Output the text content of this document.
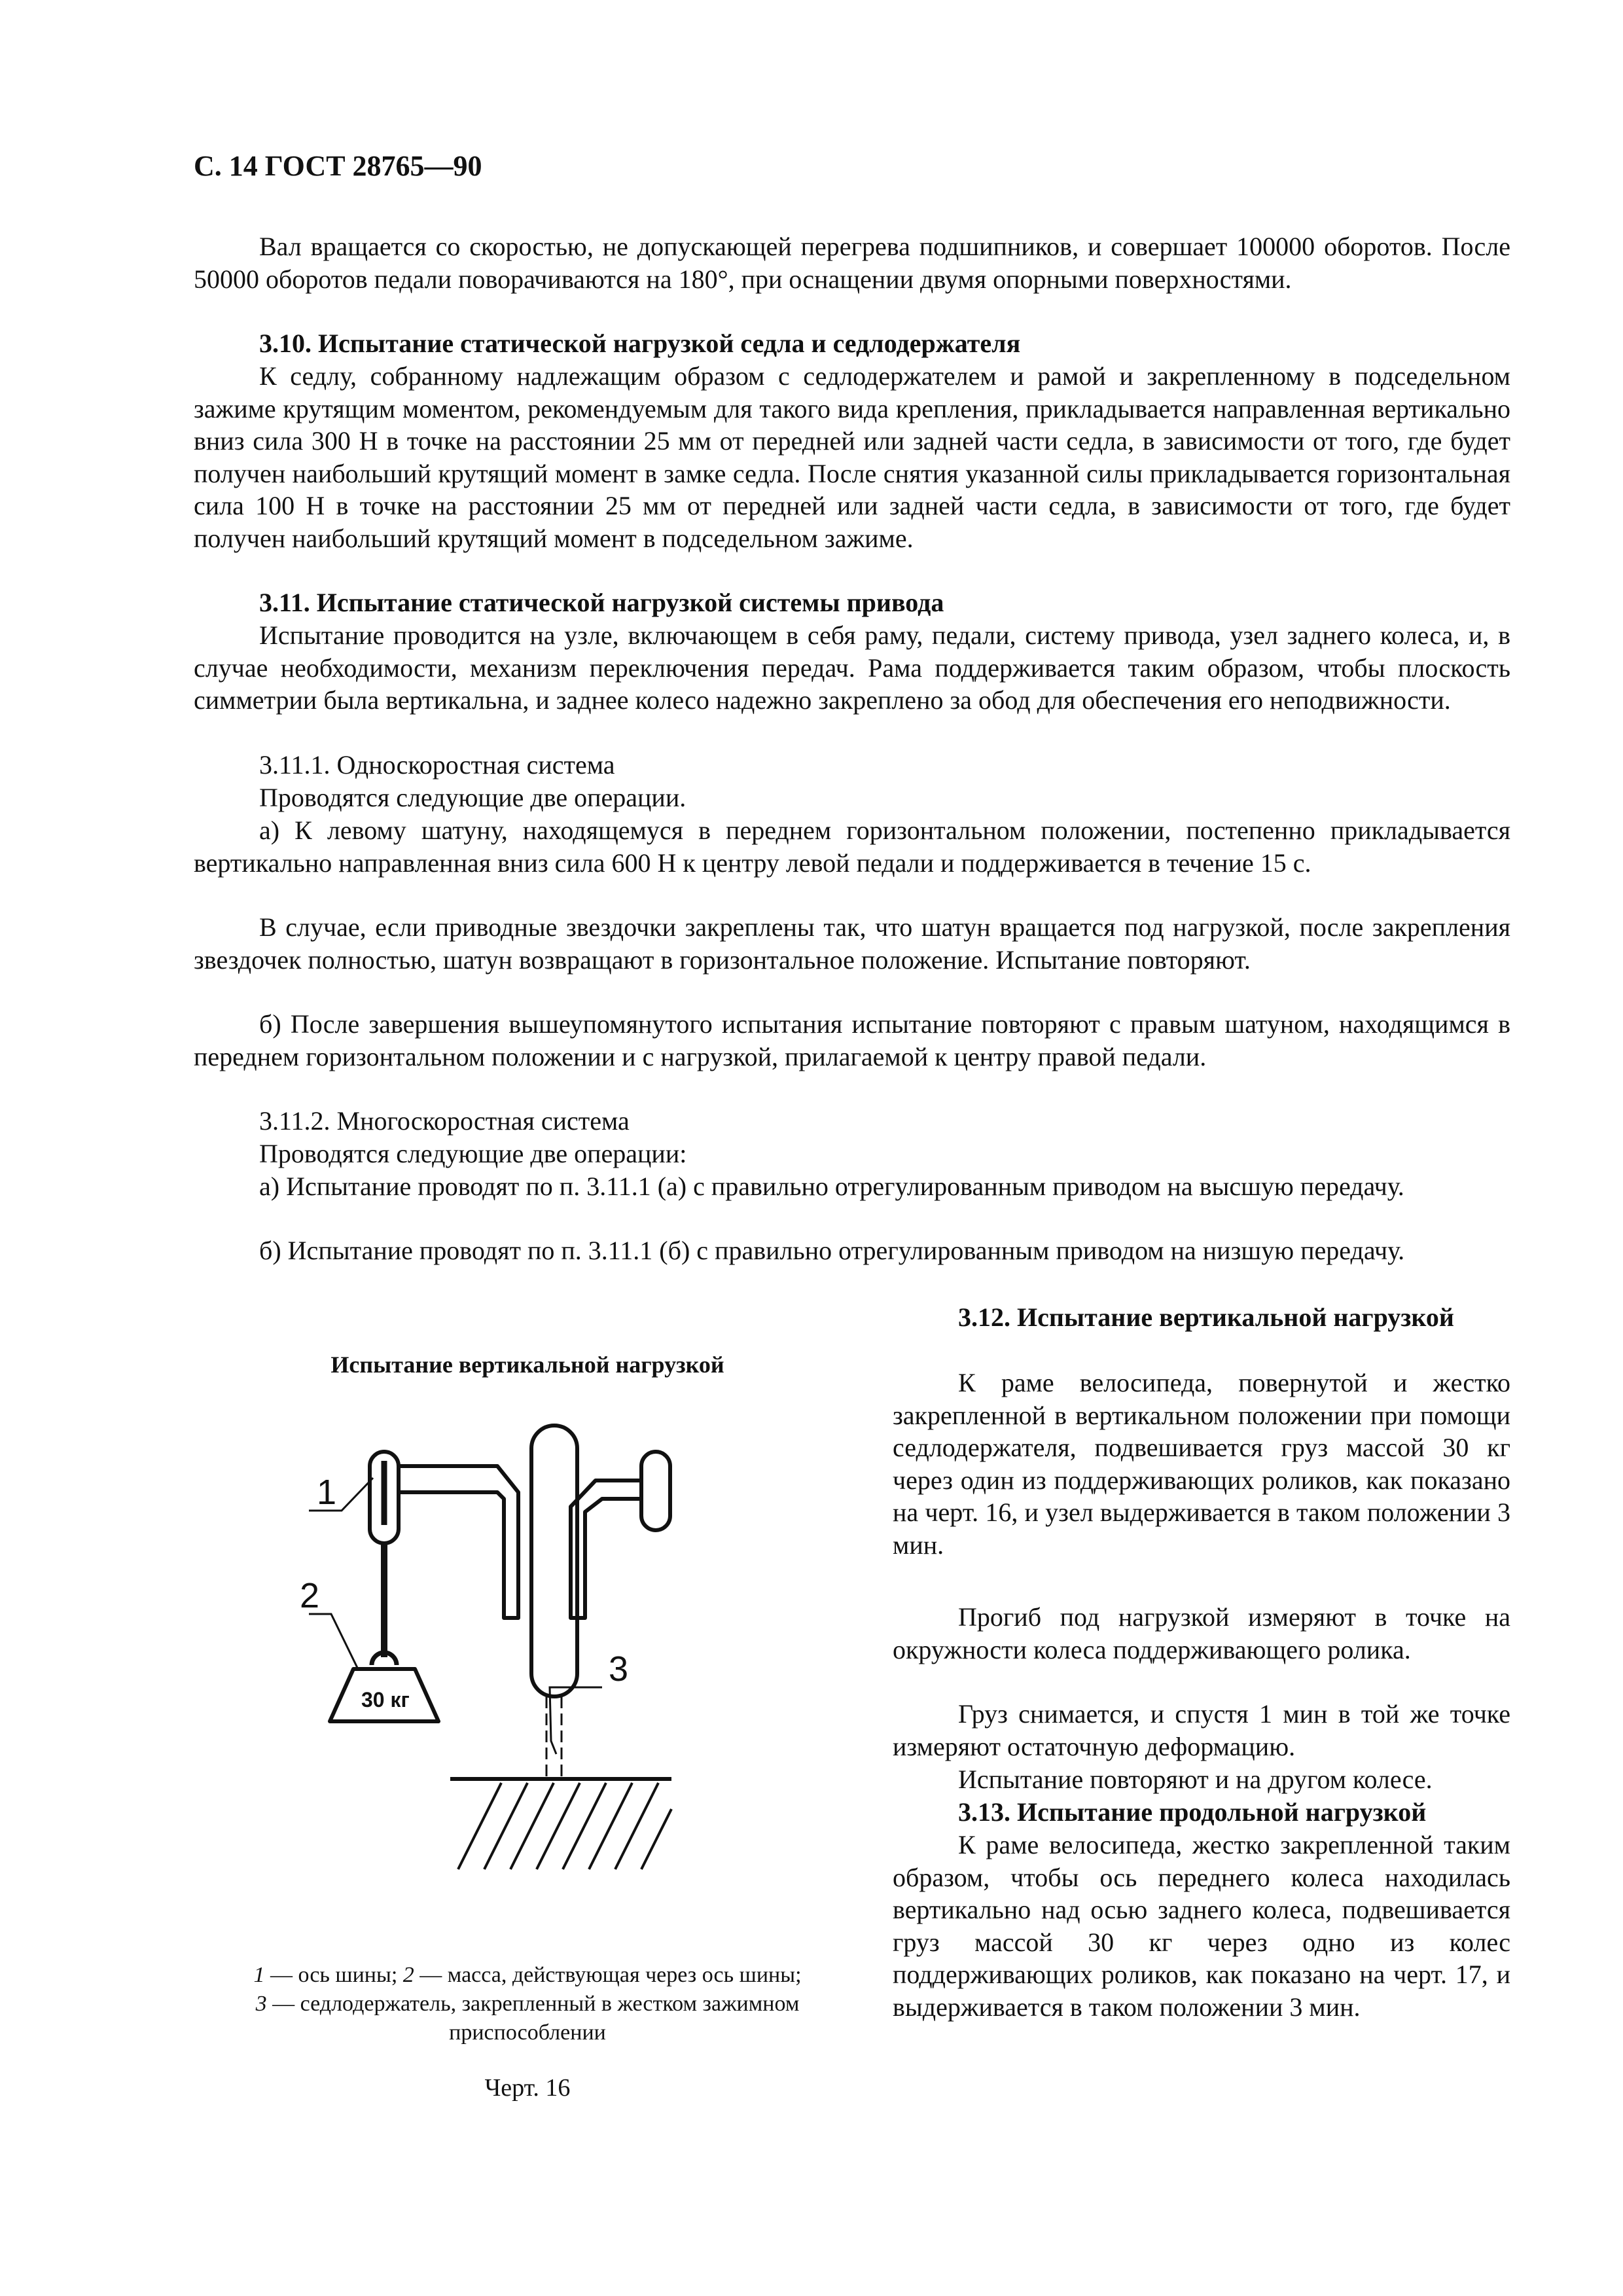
С. 14 ГОСТ 28765—90

Вал вращается со скоростью, не допускающей перегрева подшипников, и совершает 100000 оборотов. После 50000 оборотов педали поворачиваются на 180°, при оснащении двумя опорными поверхностями.

3.10. Испытание статической нагрузкой седла и седлодержателя

К седлу, собранному надлежащим образом с седлодержателем и рамой и закрепленному в подседельном зажиме крутящим моментом, рекомендуемым для такого вида крепления, прикладывается направленная вертикально вниз сила 300 Н в точке на расстоянии 25 мм от передней или задней части седла, в зависимости от того, где будет получен наибольший крутящий момент в замке седла. После снятия указанной силы прикладывается горизонтальная сила 100 Н в точке на расстоянии 25 мм от передней или задней части седла, в зависимости от того, где будет получен наибольший крутящий момент в подседельном зажиме.

3.11. Испытание статической нагрузкой системы привода

Испытание проводится на узле, включающем в себя раму, педали, систему привода, узел заднего колеса, и, в случае необходимости, механизм переключения передач. Рама поддерживается таким образом, чтобы плоскость симметрии была вертикальна, и заднее колесо надежно закреплено за обод для обеспечения его неподвижности.

3.11.1. Односкоростная система

Проводятся следующие две операции.

а) К левому шатуну, находящемуся в переднем горизонтальном положении, постепенно прикладывается вертикально направленная вниз сила 600 Н к центру левой педали и поддерживается в течение 15 с.

В случае, если приводные звездочки закреплены так, что шатун вращается под нагрузкой, после закрепления звездочек полностью, шатун возвращают в горизонтальное положение. Испытание повторяют.

б) После завершения вышеупомянутого испытания испытание повторяют с правым шатуном, находящимся в переднем горизонтальном положении и с нагрузкой, прилагаемой к центру правой педали.

3.11.2. Многоскоростная система

Проводятся следующие две операции:

а) Испытание проводят по п. 3.11.1 (а) с правильно отрегулированным приводом на высшую передачу.

б) Испытание проводят по п. 3.11.1 (б) с правильно отрегулированным приводом на низшую передачу.

3.12. Испытание вертикальной нагрузкой

К раме велосипеда, повернутой и жестко закрепленной в вертикальном положении при помощи седлодержателя, подвешивается груз массой 30 кг через один из поддерживающих роликов, как показано на черт. 16, и узел выдерживается в таком положении 3 мин.

Прогиб под нагрузкой измеряют в точке на окружности колеса поддерживающего ролика.

Груз снимается, и спустя 1 мин в той же точке измеряют остаточную деформацию.

Испытание повторяют и на другом колесе.

3.13. Испытание продольной нагрузкой

К раме велосипеда, жестко закрепленной таким образом, чтобы ось переднего колеса находилась вертикально над осью заднего колеса, подвешивается груз массой 30 кг через одно из колес поддерживающих роликов, как показано на черт. 17, и выдерживается в таком положении 3 мин.

Испытание вертикальной нагрузкой

1
2
3
30 кг

1 — ось шины; 2 — масса, действующая через ось шины;
3 — седлодержатель, закрепленный в жестком зажимном приспособлении

Черт. 16
